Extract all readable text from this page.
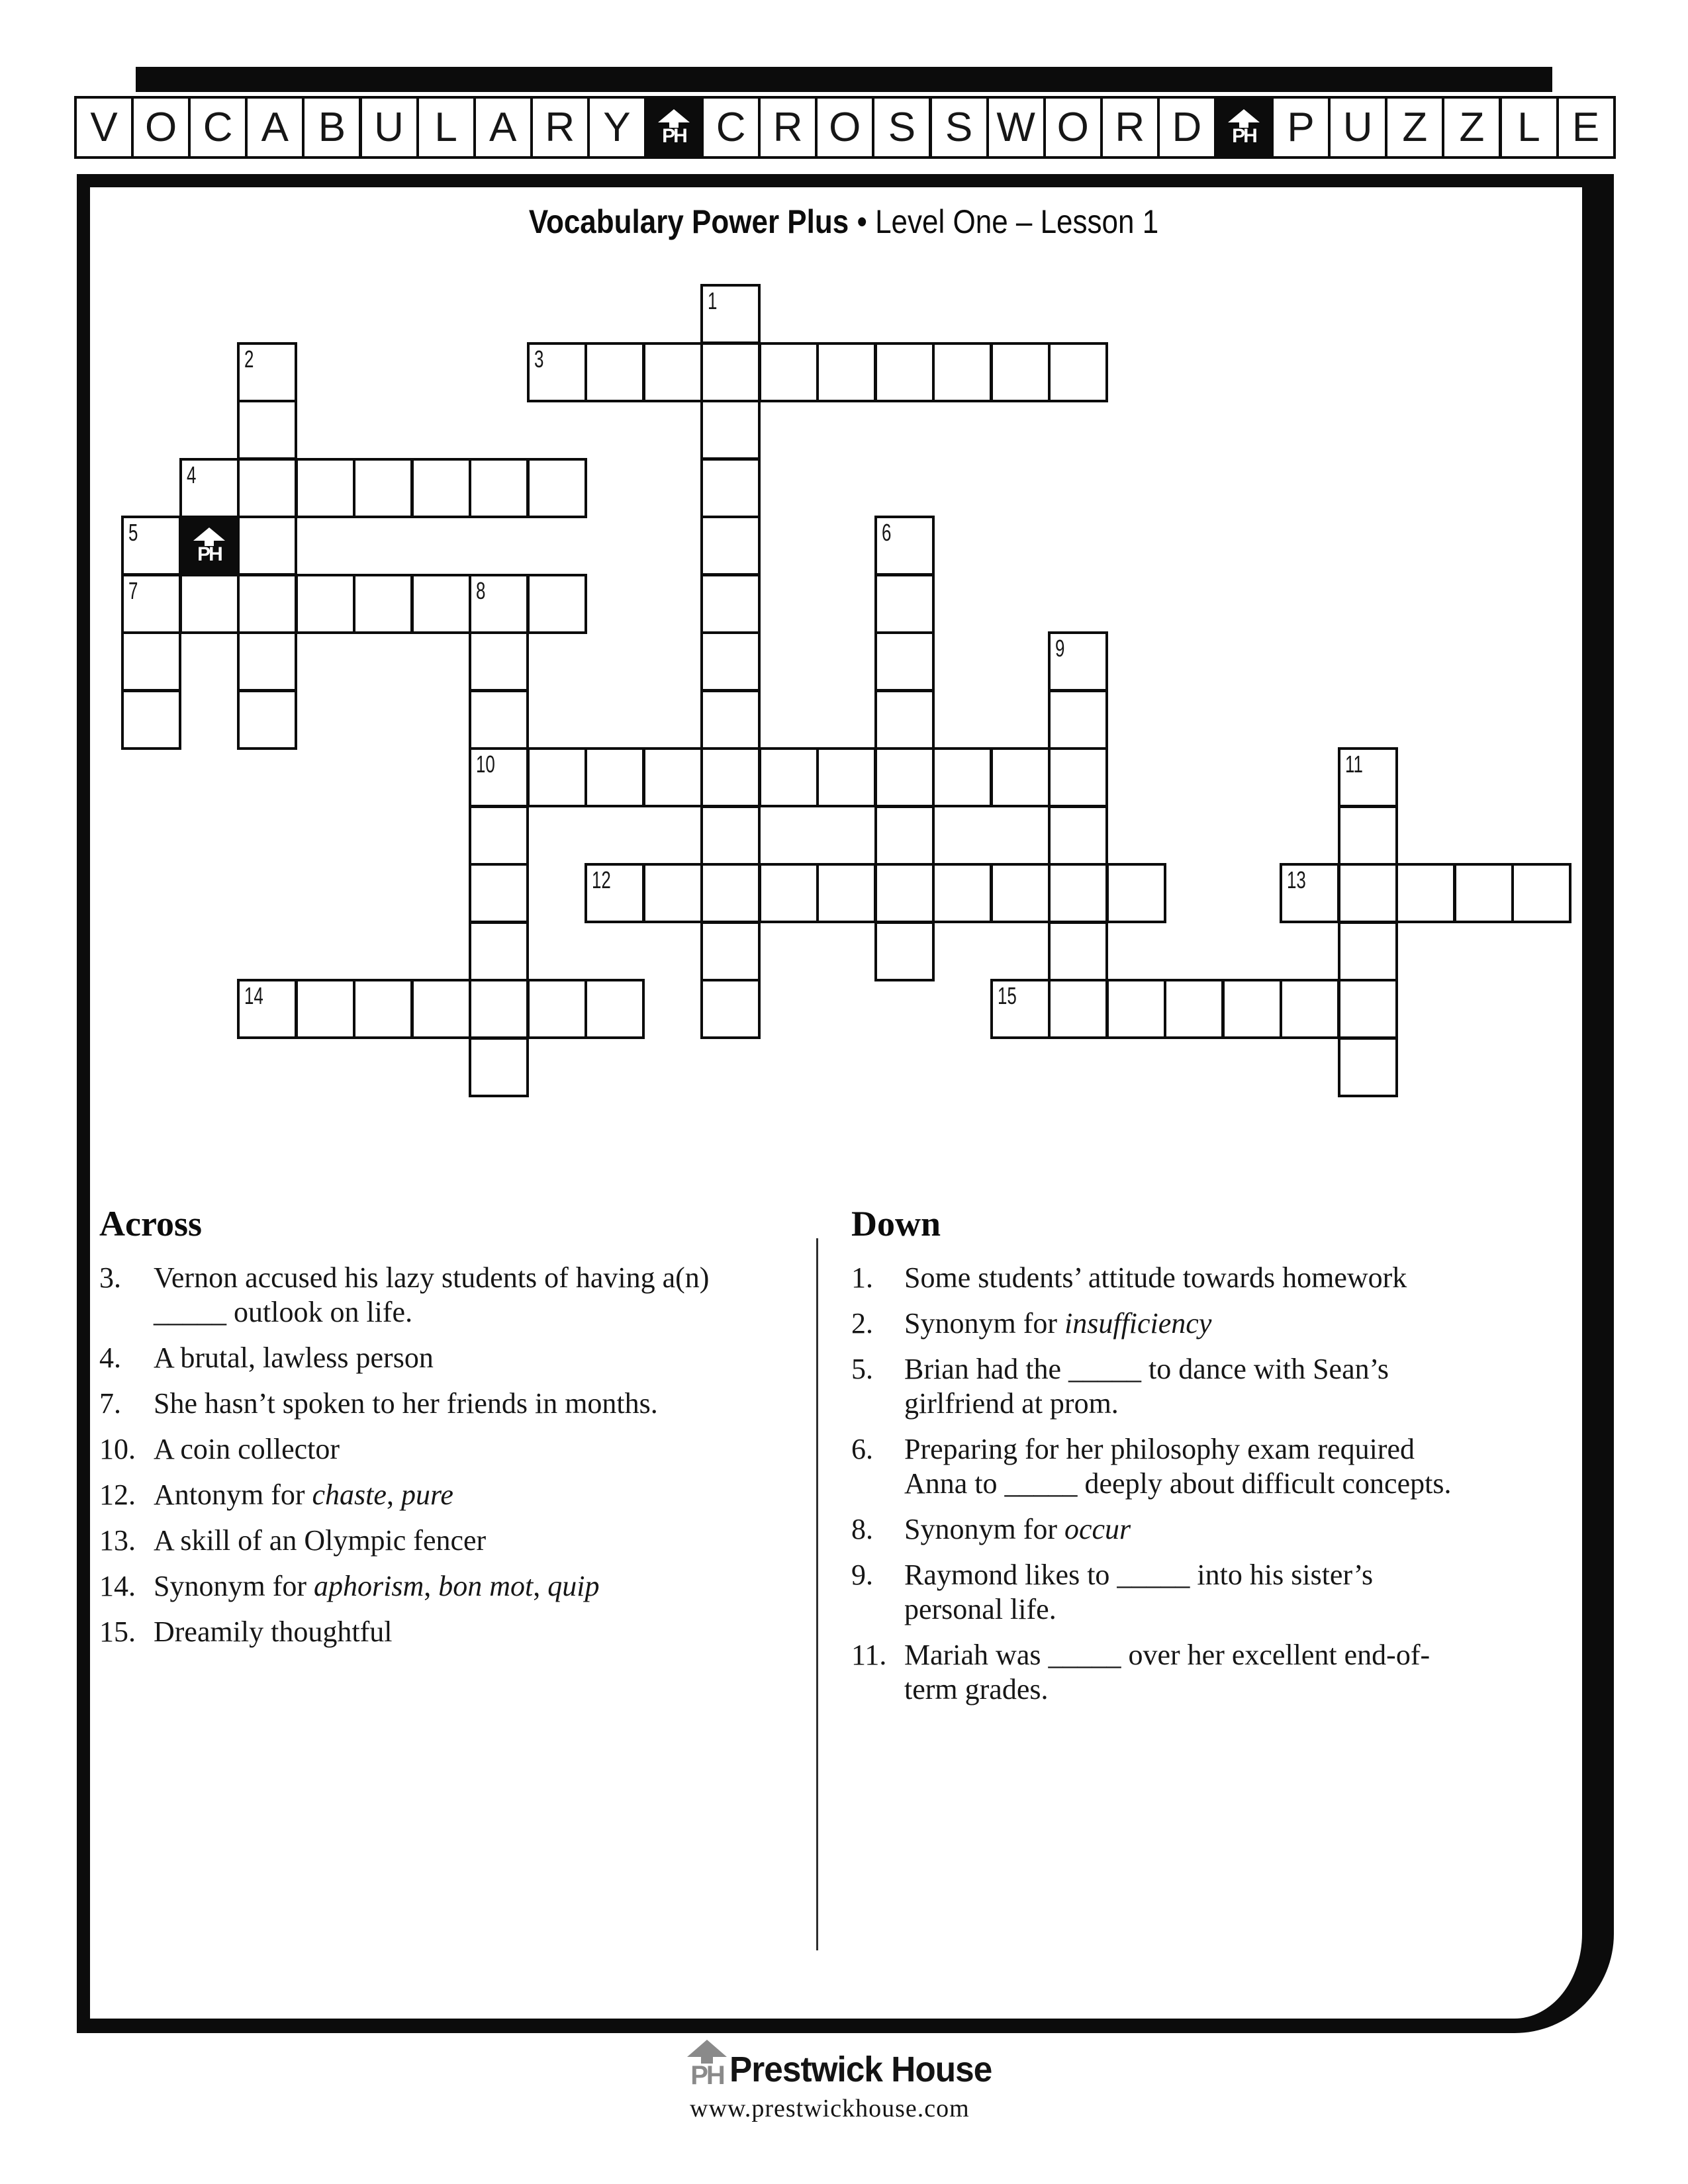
V O C A B U L A R Y	PH C R O S S W O R D	PH P U Z Z L E
Vocabulary Power Plus • Level One – Lesson 1
1
2	3
4
5
7
6
8
10
9
11
12	13
14	15
PH
Across
3. Vernon accused his lazy students of having a(n)
_____ outlook on life.
4. A brutal, lawless person
7. She hasn’t spoken to her friends in months.
10. A coin collector
12. Antonym for chaste, pure
13. A skill of an Olympic fencer
14. Synonym for aphorism, bon mot, quip
15. Dreamily thoughtful
Down
1. Some students’ attitude towards homework
2. Synonym for insufficiency
5. Brian had the _____ to dance with Sean’s
girlfriend at prom.
6. Preparing for her philosophy exam required
Anna to _____ deeply about difficult concepts.
8. Synonym for occur
9. Raymond likes to _____ into his sister’s
personal life.
11. Mariah was _____ over her excellent end-of-
term grades.
PH Prestwick House
www.prestwickhouse.com
